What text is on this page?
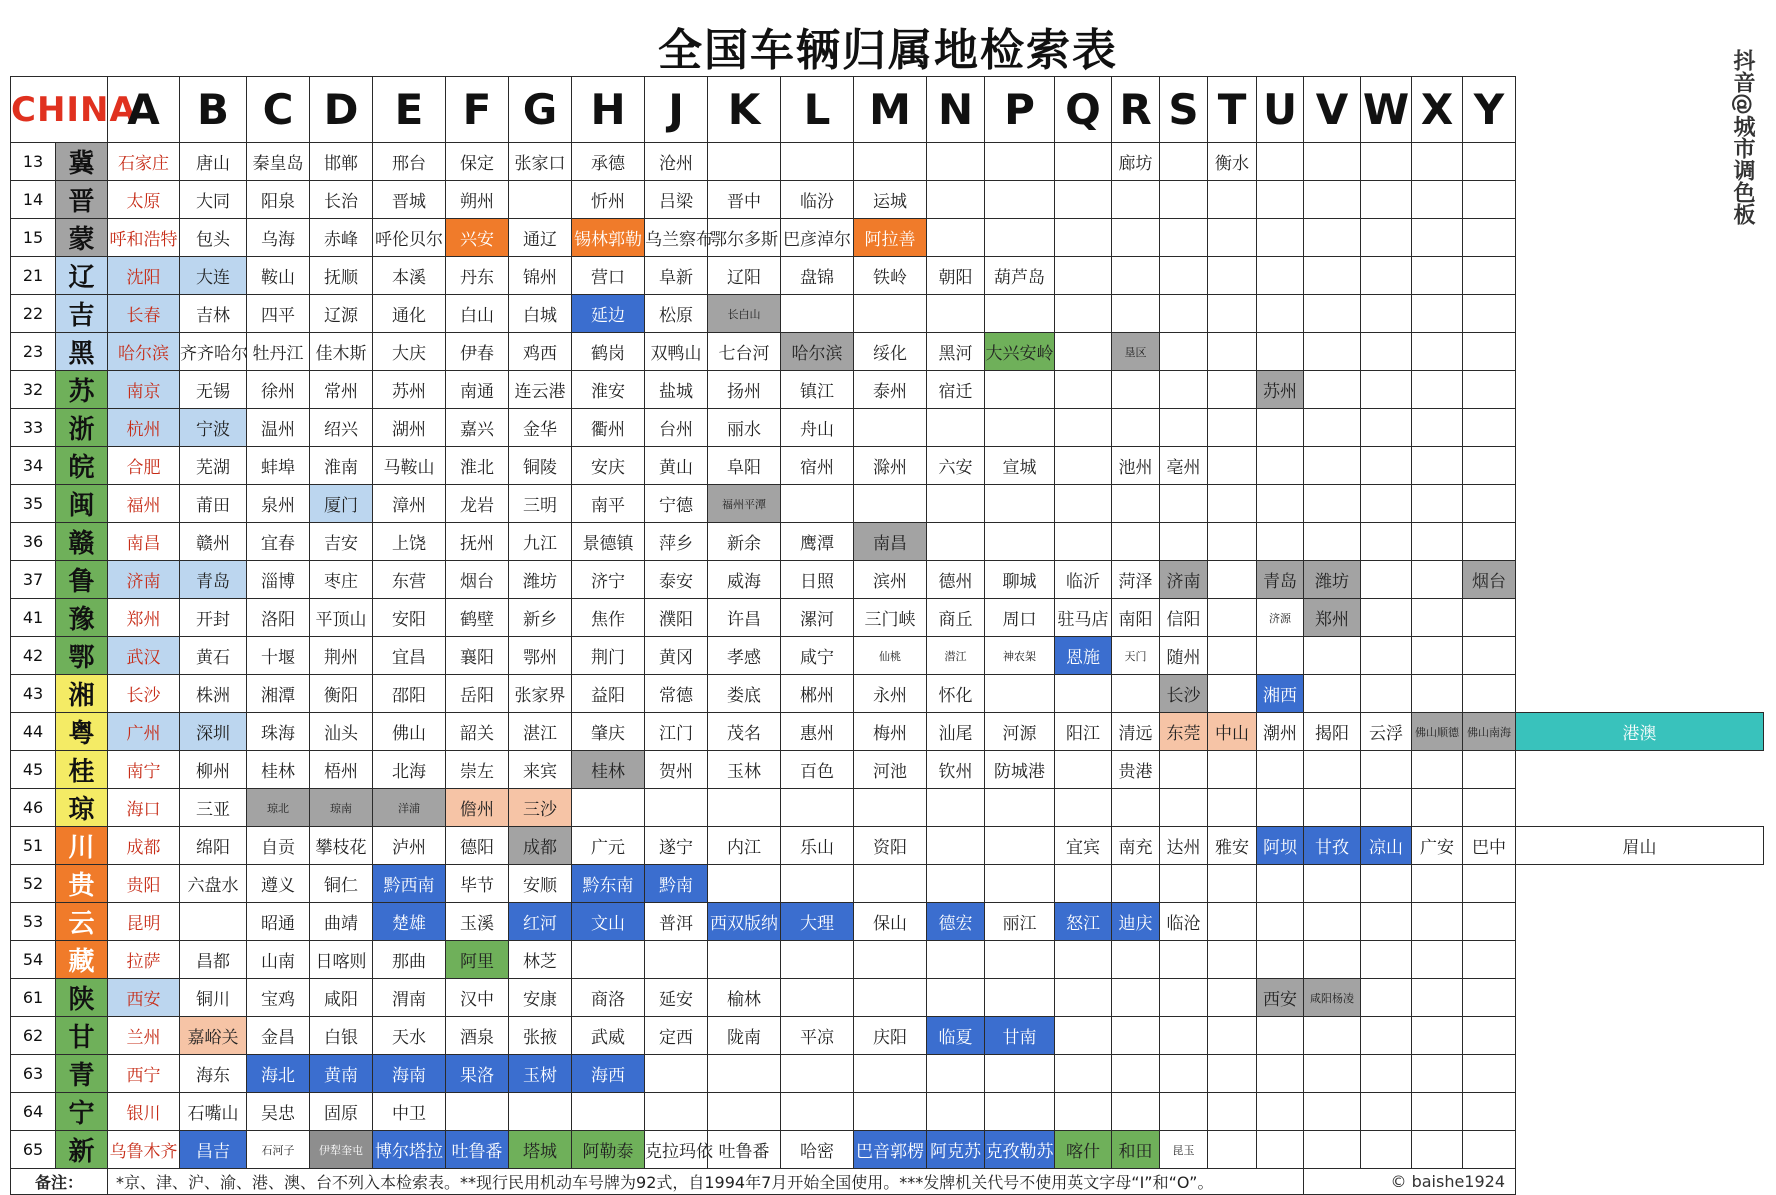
全国车辆归属地检索表	抖音@城市调色板
CHINA		A	B	C	D	E	F	G	H	J	K	L	M	N	P	Q	R	S	T	U	V	W	X	Y	
13	冀	石家庄	唐山	秦皇岛	邯郸	邢台	保定	张家口	承德	沧州							廊坊		衡水						
14	晋	太原	大同	阳泉	长治	晋城	朔州		忻州	吕梁	晋中	临汾	运城												
15	蒙	呼和浩特	包头	乌海	赤峰	呼伦贝尔	兴安	通辽	锡林郭勒	乌兰察布	鄂尔多斯	巴彦淖尔	阿拉善												
21	辽	沈阳	大连	鞍山	抚顺	本溪	丹东	锦州	营口	阜新	辽阳	盘锦	铁岭	朝阳	葫芦岛										
22	吉	长春	吉林	四平	辽源	通化	白山	白城	延边	松原	长白山														
23	黑	哈尔滨	齐齐哈尔	牡丹江	佳木斯	大庆	伊春	鸡西	鹤岗	双鸭山	七台河	哈尔滨	绥化	黑河	大兴安岭		垦区								
32	苏	南京	无锡	徐州	常州	苏州	南通	连云港	淮安	盐城	扬州	镇江	泰州	宿迁						苏州					
33	浙	杭州	宁波	温州	绍兴	湖州	嘉兴	金华	衢州	台州	丽水	舟山													
34	皖	合肥	芜湖	蚌埠	淮南	马鞍山	淮北	铜陵	安庆	黄山	阜阳	宿州	滁州	六安	宣城		池州	亳州							
35	闽	福州	莆田	泉州	厦门	漳州	龙岩	三明	南平	宁德	福州平潭														
36	赣	南昌	赣州	宜春	吉安	上饶	抚州	九江	景德镇	萍乡	新余	鹰潭	南昌												
37	鲁	济南	青岛	淄博	枣庄	东营	烟台	潍坊	济宁	泰安	威海	日照	滨州	德州	聊城	临沂	菏泽	济南		青岛	潍坊			烟台	
41	豫	郑州	开封	洛阳	平顶山	安阳	鹤壁	新乡	焦作	濮阳	许昌	漯河	三门峡	商丘	周口	驻马店	南阳	信阳		济源	郑州				
42	鄂	武汉	黄石	十堰	荆州	宜昌	襄阳	鄂州	荆门	黄冈	孝感	咸宁	仙桃	潜江	神农架	恩施	天门	随州							
43	湘	长沙	株洲	湘潭	衡阳	邵阳	岳阳	张家界	益阳	常德	娄底	郴州	永州	怀化				长沙		湘西					
44	粤	广州	深圳	珠海	汕头	佛山	韶关	湛江	肇庆	江门	茂名	惠州	梅州	汕尾	河源	阳江	清远	东莞	中山	潮州	揭阳	云浮	佛山顺德	佛山南海	港澳
45	桂	南宁	柳州	桂林	梧州	北海	崇左	来宾	桂林	贺州	玉林	百色	河池	钦州	防城港		贵港								
46	琼	海口	三亚	琼北	琼南	洋浦	儋州	三沙																	
51	川	成都	绵阳	自贡	攀枝花	泸州	德阳	成都	广元	遂宁	内江	乐山	资阳			宜宾	南充	达州	雅安	阿坝	甘孜	凉山	广安	巴中	眉山
52	贵	贵阳	六盘水	遵义	铜仁	黔西南	毕节	安顺	黔东南	黔南															
53	云	昆明		昭通	曲靖	楚雄	玉溪	红河	文山	普洱	西双版纳	大理	保山	德宏	丽江	怒江	迪庆	临沧							
54	藏	拉萨	昌都	山南	日喀则	那曲	阿里	林芝																	
61	陕	西安	铜川	宝鸡	咸阳	渭南	汉中	安康	商洛	延安	榆林									西安	咸阳杨凌				
62	甘	兰州	嘉峪关	金昌	白银	天水	酒泉	张掖	武威	定西	陇南	平凉	庆阳	临夏	甘南										
63	青	西宁	海东	海北	黄南	海南	果洛	玉树	海西																
64	宁	银川	石嘴山	吴忠	固原	中卫																			
65	新	乌鲁木齐	昌吉	石河子	伊犁奎屯	博尔塔拉	吐鲁番	塔城	阿勒泰	克拉玛依	吐鲁番	哈密	巴音郭楞	阿克苏	克孜勒苏	喀什	和田	昆玉							
备注：		*京、津、沪、渝、港、澳、台不列入本检索表。**现行民用机动车号牌为92式，自1994年7月开始全国使用。***发牌机关代号不使用英文字母“I”和“O”。																			© baishe1924				
